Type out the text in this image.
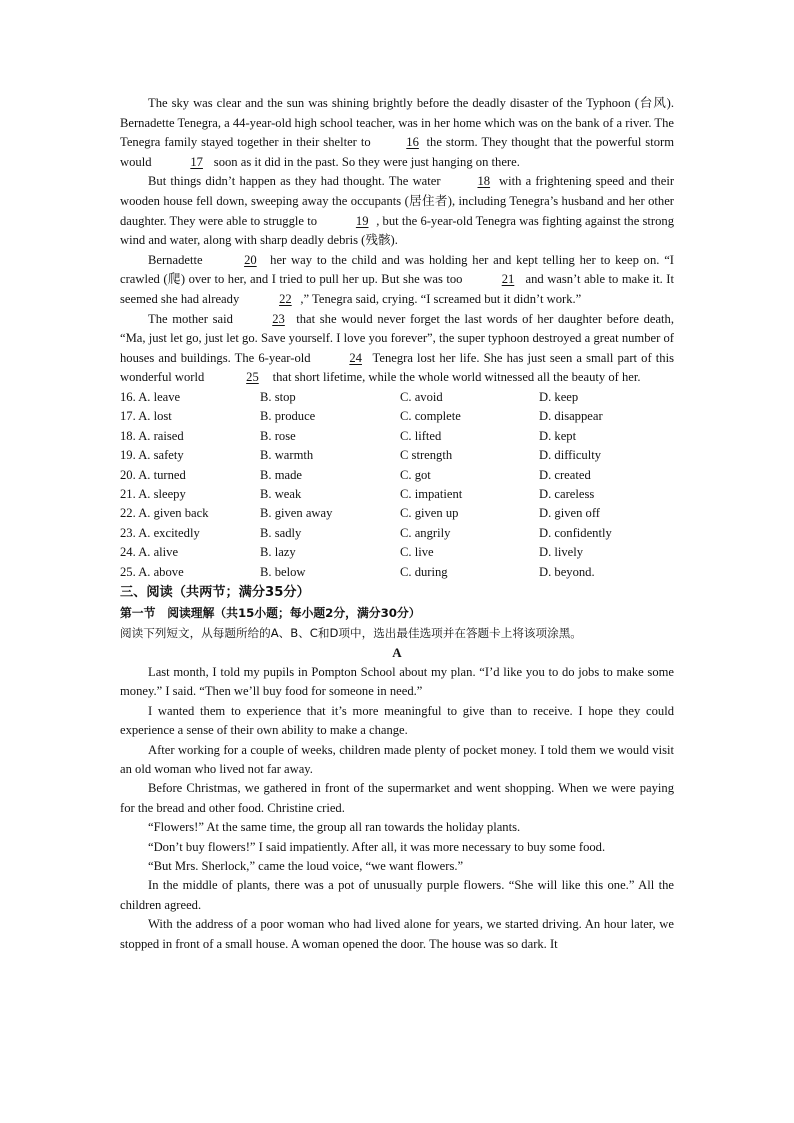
The sky was clear and the sun was shining brightly before the deadly disaster of the Typhoon (台风). Bernadette Tenegra, a 44-year-old high school teacher, was in her home which was on the bank of a river. The Tenegra family stayed together in their shelter to	16 the storm. They thought that the powerful storm would	17 soon as it did in the past. So they were just hanging on there.

But things didn’t happen as they had thought. The water	18 with a frightening speed and their wooden house fell down, sweeping away the occupants (居住者), including Tenegra’s husband and her other daughter. They were able to struggle to	19 , but the 6-year-old Tenegra was fighting against the strong wind and water, along with sharp deadly debris (残骸).

Bernadette	20 her way to the child and was holding her and kept telling her to keep on. “I crawled (爬) over to her, and I tried to pull her up. But she was too	21 and wasn’t able to make it. It seemed she had already	22 ,” Tenegra said, crying. “I screamed but it didn’t work.”

The mother said	23 that she would never forget the last words of her daughter before death, “Ma, just let go, just let go. Save yourself. I love you forever”, the super typhoon destroyed a great number of houses and buildings. The 6-year-old	24 Tenegra lost her life. She has just seen a small part of this wonderful world	25 that short lifetime, while the whole world witnessed all the beauty of her.

16. A. leave	B. stop	C. avoid	D. keep
17. A. lost	B. produce	C. complete	D. disappear
18. A. raised	B. rose	C. lifted	D. kept
19. A. safety	B. warmth	C strength	D. difficulty
20. A. turned	B. made	C. got	D. created
21. A. sleepy	B. weak	C. impatient	D. careless
22. A. given back	B. given away	C. given up	D. given off
23. A. excitedly	B. sadly	C. angrily	D. confidently
24. A. alive	B. lazy	C. live	D. lively
25. A. above	B. below	C. during	D. beyond.

三、阅读（共两节；满分35分）

第一节　阅读理解（共15小题；每小题2分，满分30分）

阅读下列短文，从每题所给的A、B、C和D项中，选出最佳选项并在答题卡上将该项涂黑。

A

Last month, I told my pupils in Pompton School about my plan. “I’d like you to do jobs to make some money.” I said. “Then we’ll buy food for someone in need.”

I wanted them to experience that it’s more meaningful to give than to receive. I hope they could experience a sense of their own ability to make a change.

After working for a couple of weeks, children made plenty of pocket money. I told them we would visit an old woman who lived not far away.

Before Christmas, we gathered in front of the supermarket and went shopping. When we were paying for the bread and other food. Christine cried.

“Flowers!” At the same time, the group all ran towards the holiday plants.

“Don’t buy flowers!” I said impatiently. After all, it was more necessary to buy some food.

“But Mrs. Sherlock,” came the loud voice, “we want flowers.”

In the middle of plants, there was a pot of unusually purple flowers. “She will like this one.” All the children agreed.

With the address of a poor woman who had lived alone for years, we started driving. An hour later, we stopped in front of a small house. A woman opened the door. The house was so dark. It
